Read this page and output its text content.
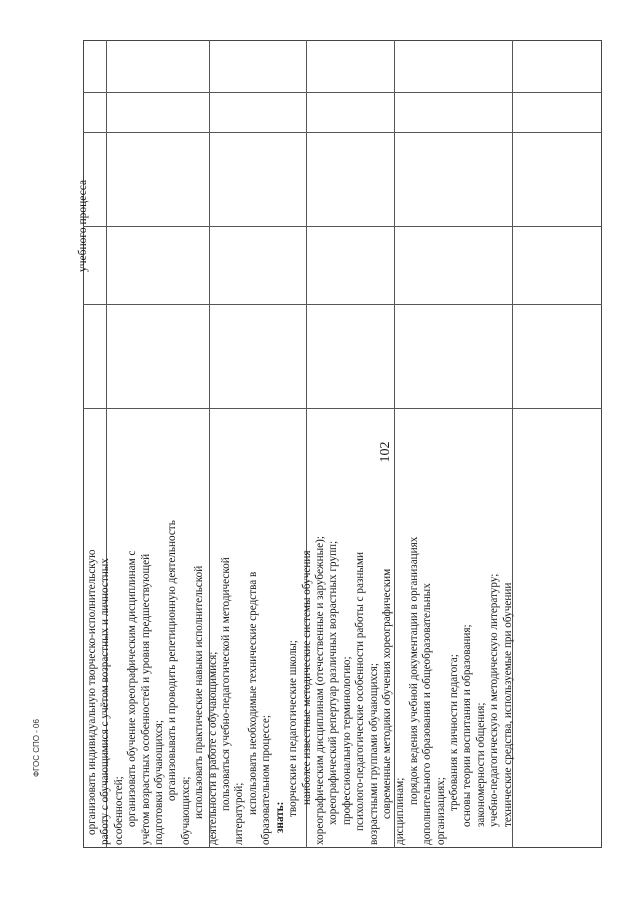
102
ФГОС СПО - 06	организовать индивидуальную творческо-исполнительскую работу с обучающимися с учётом возрастных и личностных особенностей; организовать обучение хореографическим дисциплинам с учётом возрастных особенностей и уровня предшествующей подготовки обучающихся; организовывать и проводить репетиционную деятельность

обучающихся; использовать практические навыки исполнительской деятельности в работе с обучающимися; пользоваться учебно-педагогической и методической

литературой; использовать необходимые технические средства в образовательном процессе; знать:

творческие и педагогические школы; наиболее известные методические системы обучения хореографическим дисциплинам (отечественные и зарубежные); хореографический репертуар различных возрастных групп; профессиональную терминологию; психолого-педагогические особенности работы с разными возрастными группами обучающихся; современные методики обучения хореографическим дисциплинам;

порядок ведения учебной документации в организациях дополнительного образования и общеобразовательных организациях;

требования к личности педагога; основы теории воспитания и образования; закономерности общения; учебно-педагогическую и методическую литературу; технические средства, используемые при обучении

учебного процесса
